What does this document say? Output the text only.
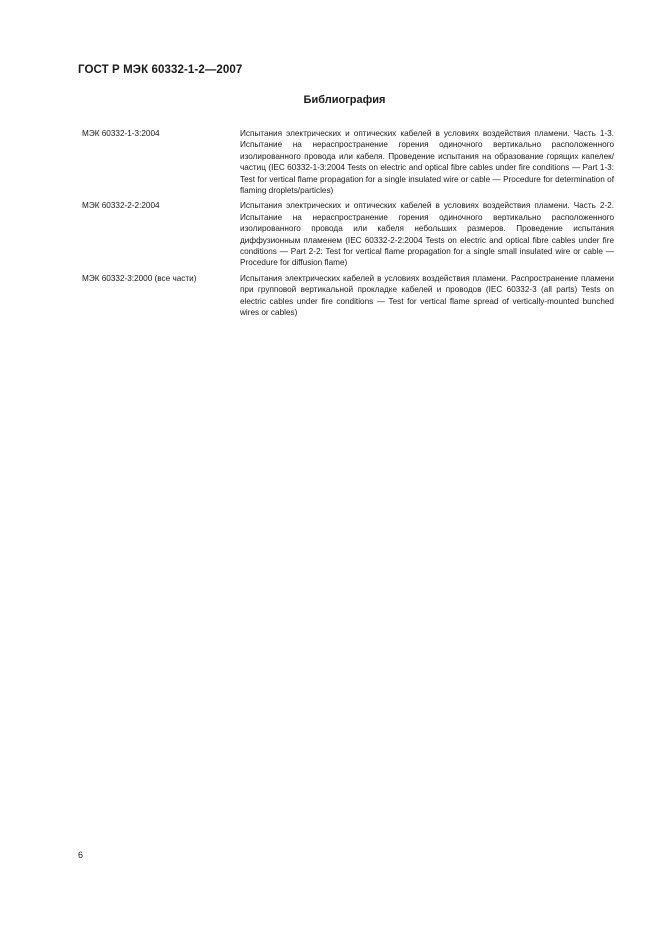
ГОСТ Р МЭК 60332-1-2—2007
Библиография
МЭК 60332-1-3:2004	Испытания электрических и оптических кабелей в условиях воздействия пламени. Часть 1-3. Испытание на нераспространение горения одиночного вертикально расположенного изолированного провода или кабеля. Проведение испытания на образование горящих капелек/частиц (IEC 60332-1-3:2004 Tests on electric and optical fibre cables under fire conditions — Part 1-3: Test for vertical flame propagation for a single insulated wire or cable — Procedure for determination of flaming droplets/particles)
МЭК 60332-2-2:2004	Испытания электрических и оптических кабелей в условиях воздействия пламени. Часть 2-2. Испытание на нераспространение горения одиночного вертикально расположенного изолированного провода или кабеля небольших размеров. Проведение испытания диффузионным пламенем (IEC 60332-2-2:2004 Tests on electric and optical fibre cables under fire conditions — Part 2-2: Test for vertical flame propagation for a single small insulated wire or cable — Procedure for diffusion flame)
МЭК 60332-3:2000 (все части)	Испытания электрических кабелей в условиях воздействия пламени. Распространение пламени при групповой вертикальной прокладке кабелей и проводов (IEC 60332-3 (all parts) Tests on electric cables under fire conditions — Test for vertical flame spread of vertically-mounted bunched wires or cables)
6
